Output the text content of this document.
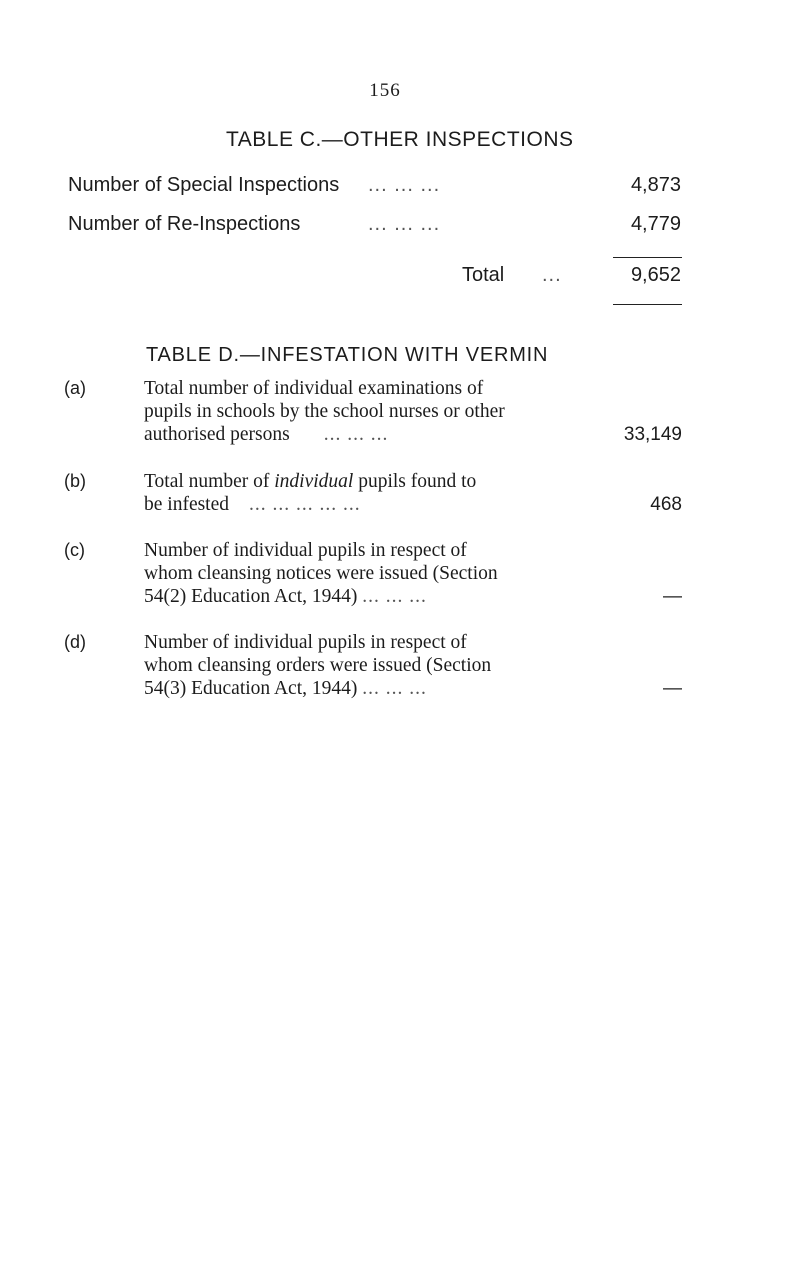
156
TABLE C.—OTHER INSPECTIONS
Number of Special Inspections ... ... ...	4,873
Number of Re-Inspections	... ... ...	4,779
Total ...	9,652
TABLE D.—INFESTATION WITH VERMIN
(a)	Total number of individual examinations of
pupils in schools by the school nurses or other
authorised persons ... ... ...	33,149
(b)	Total number of individual pupils found to
be infested ... ... ... ... ...	468
(c)	Number of individual pupils in respect of
whom cleansing notices were issued (Section
54(2) Education Act, 1944) ... ... ...	—
(d)	Number of individual pupils in respect of
whom cleansing orders were issued (Section
54(3) Education Act, 1944) ... ... ...	—
